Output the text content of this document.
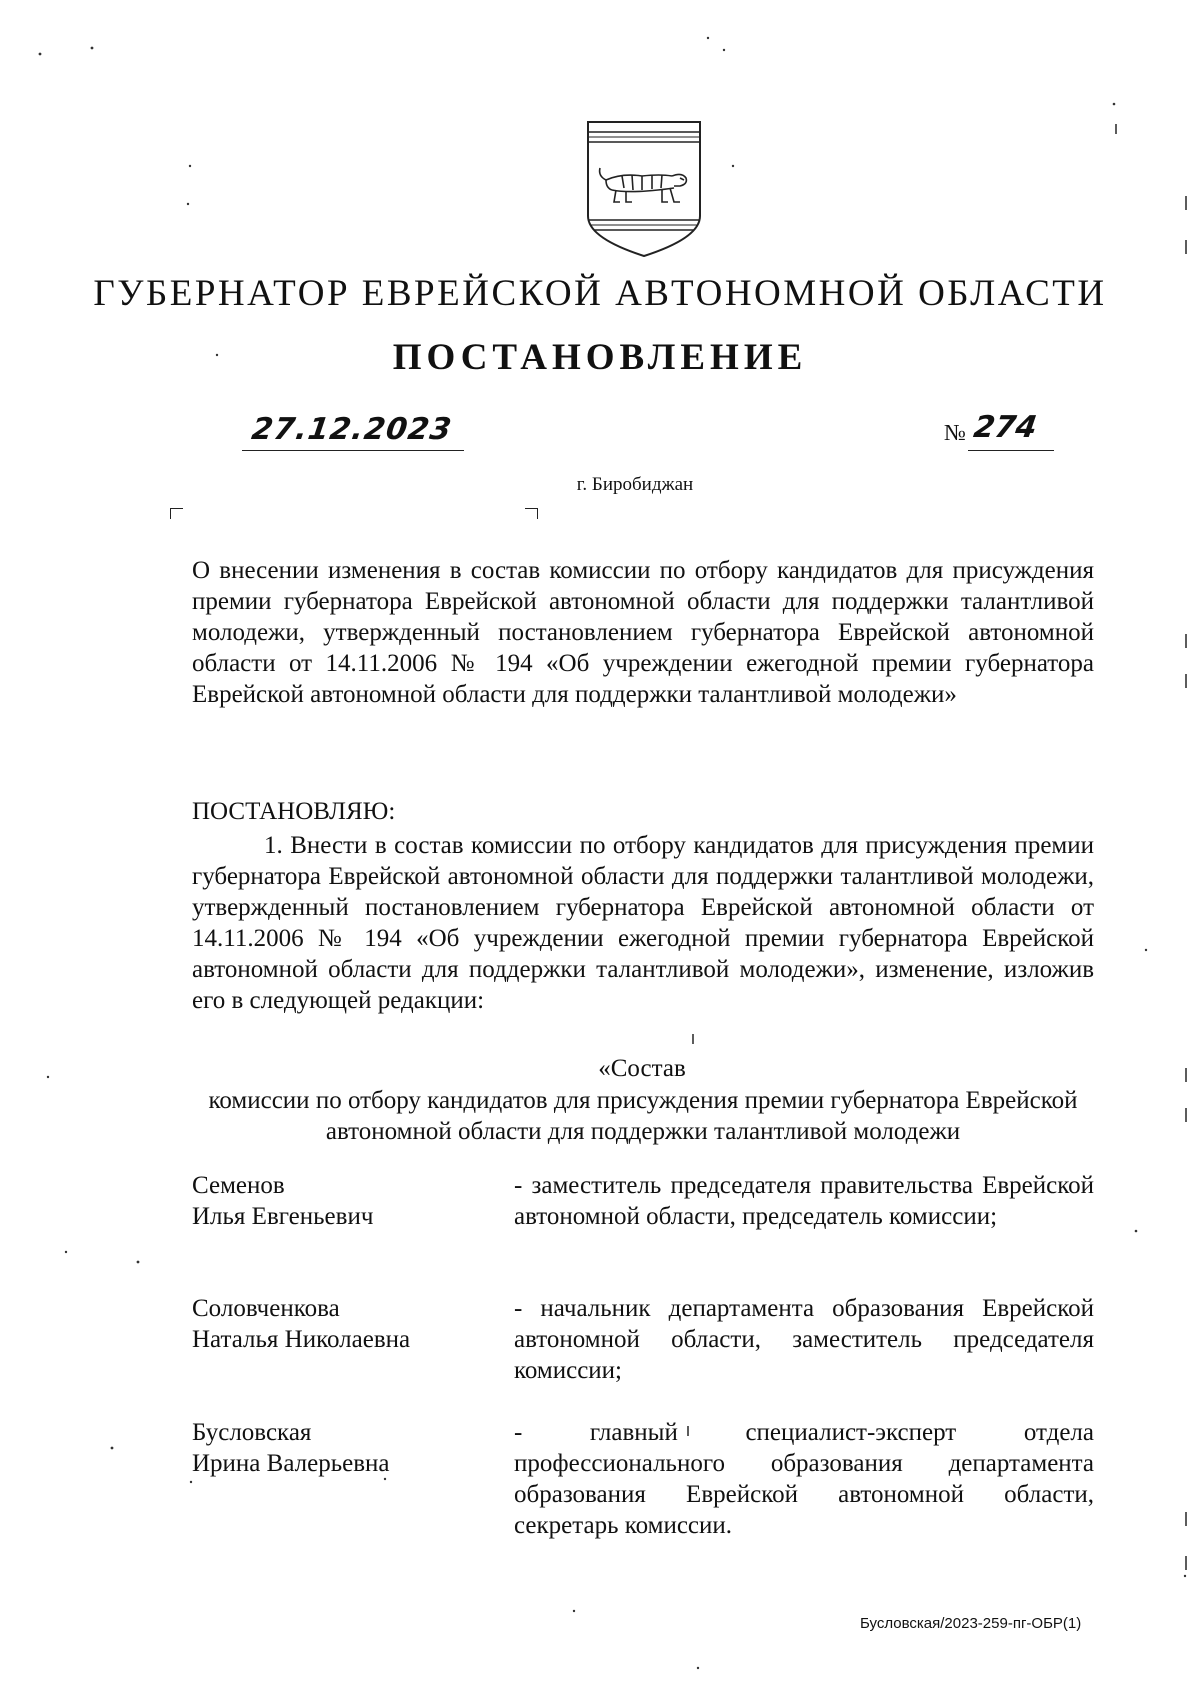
ГУБЕРНАТОР ЕВРЕЙСКОЙ АВТОНОМНОЙ ОБЛАСТИ
ПОСТАНОВЛЕНИЕ
27.12.2023	№ 274
г. Биробиджан

О внесении изменения в состав комиссии по отбору кандидатов для присуждения премии губернатора Еврейской автономной области для поддержки талантливой молодежи, утвержденный постановлением губернатора Еврейской автономной области от 14.11.2006 № 194 «Об учреждении ежегодной премии губернатора Еврейской автономной области для поддержки талантливой молодежи»

ПОСТАНОВЛЯЮ:

1. Внести в состав комиссии по отбору кандидатов для присуждения премии губернатора Еврейской автономной области для поддержки талантливой молодежи, утвержденный постановлением губернатора Еврейской автономной области от 14.11.2006 № 194 «Об учреждении ежегодной премии губернатора Еврейской автономной области для поддержки талантливой молодежи», изменение, изложив его в следующей редакции:

«Состав

комиссии по отбору кандидатов для присуждения премии губернатора Еврейской автономной области для поддержки талантливой молодежи

Семенов
Илья Евгеньевич

- заместитель председателя правительства Еврейской автономной области, председатель комиссии;

Соловченкова
Наталья Николаевна

- начальник департамента образования Еврейской автономной области, заместитель председателя комиссии;

Бусловская
Ирина Валерьевна

- главный специалист-эксперт отдела профессионального образования департамента образования Еврейской автономной области, секретарь комиссии.

Бусловская/2023-259-пг-ОБР(1)
